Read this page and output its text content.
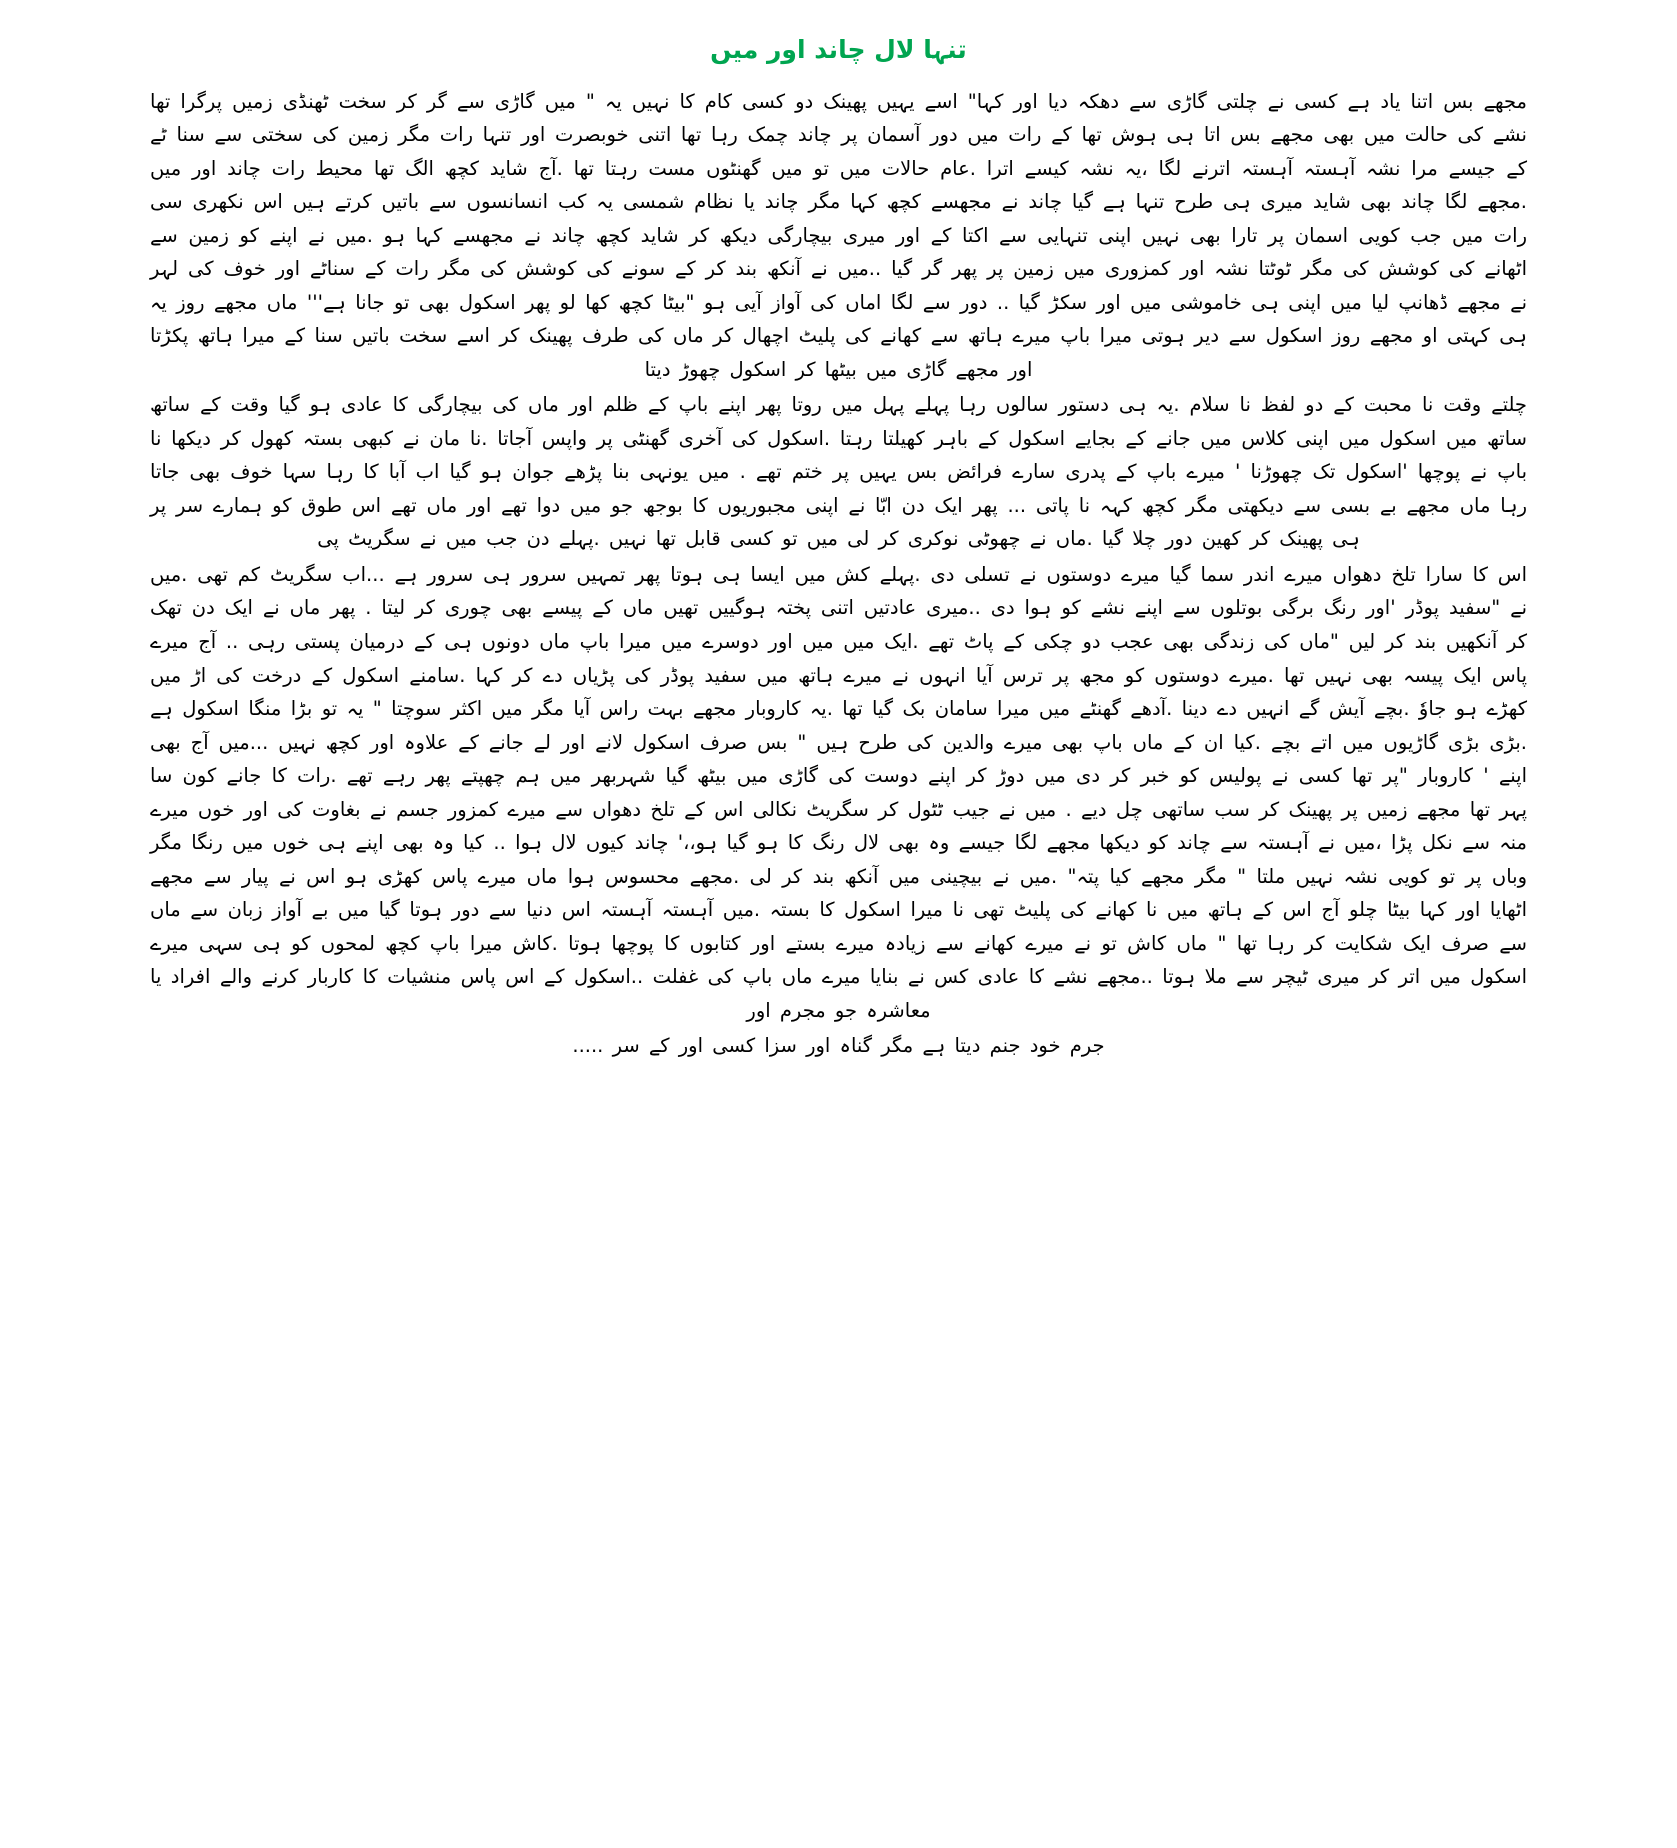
تنہا لال چاند اور میں

مجھے بس اتنا یاد ہے کسی نے چلتی گاڑی سے دھکہ دیا اور کہا" اسے یہیں پھینک دو کسی کام کا نہیں یہ " میں گاڑی سے گر کر سخت ٹھنڈی زمیں پرگرا تھا نشے کی حالت میں بھی مجھے بس اتا ہی ہوش تھا کے رات میں دور آسمان پر چاند چمک رہا تھا اتنی خوبصرت اور تنہا رات مگر زمین کی سختی سے سنا ٹے کے جیسے مرا نشہ آہستہ آہستہ اترنے لگا ،یہ نشہ کیسے اترا .عام حالات میں تو میں گھنٹوں مست رہتا تھا .آج شاید کچھ الگ تھا محیط رات چاند اور میں .مجھے لگا چاند بھی شاید میری ہی طرح تنہا ہے گیا چاند نے مجھسے کچھ کہا مگر چاند یا نظام شمسی یہ کب انسانسوں سے باتیں کرتے ہیں اس نکھری سی رات میں جب کویی اسمان پر تارا بھی نہیں اپنی تنہایی سے اکتا کے اور میری بیچارگی دیکھ کر شاید کچھ چاند نے مجھسے کہا ہو .میں نے اپنے کو زمین سے اٹھانے کی کوشش کی مگر ٹوٹتا نشہ اور کمزوری میں زمین پر پھر گر گیا ..میں نے آنکھ بند کر کے سونے کی کوشش کی مگر رات کے سناٹے اور خوف کی لہر نے مجھے ڈھانپ لیا میں اپنی ہی خاموشی میں اور سکڑ گیا .. دور سے لگا اماں کی آواز آیی ہو "بیٹا کچھ کھا لو پھر اسکول بھی تو جانا ہے''' ماں مجھے روز یہ ہی کہتی او مجھے روز اسکول سے دیر ہوتی میرا باپ میرے ہاتھ سے کھانے کی پلیٹ اچھال کر ماں کی طرف پھینک کر اسے سخت باتیں سنا کے میرا ہاتھ پکڑتا اور مجھے گاڑی میں بیٹھا کر اسکول چھوڑ دیتا

چلتے وقت نا محبت کے دو لفظ نا سلام .یہ ہی دستور سالوں رہا پہلے پہل میں روتا پھر اپنے باپ کے ظلم اور ماں کی بیچارگی کا عادی ہو گیا وقت کے ساتھ ساتھ میں اسکول میں اپنی کلاس میں جانے کے بجایے اسکول کے باہر کھیلتا رہتا .اسکول کی آخری گھنٹی پر واپس آجاتا .نا مان نے کبھی بستہ کھول کر دیکھا نا باپ نے پوچھا 'اسکول تک چھوڑنا ' میرے باپ کے پدری سارے فرائض بس یہیں پر ختم تھے . میں یونہی بنا پڑھے جوان ہو گیا اب آبا کا رہا سہا خوف بھی جاتا رہا ماں مجھے بے بسی سے دیکھتی مگر کچھ کہہ نا پاتی ... پھر ایک دن ابّا نے اپنی مجبوریوں کا بوجھ جو میں دوا تھے اور ماں تھے اس طوق کو ہمارے سر پر ہی پھینک کر کھین دور چلا گیا .ماں نے چھوٹی نوکری کر لی میں تو کسی قابل تھا نہیں .پہلے دن جب میں نے سگریٹ پی

اس کا سارا تلخ دھواں میرے اندر سما گیا میرے دوستوں نے تسلی دی .پہلے کش میں ایسا ہی ہوتا پھر تمہیں سرور ہی سرور ہے ...اب سگریٹ کم تھی .میں نے "سفید پوڈر 'اور رنگ برگی بوتلوں سے اپنے نشے کو ہوا دی ..میری عادتیں اتنی پختہ ہوگییں تھیں ماں کے پیسے بھی چوری کر لیتا . پھر ماں نے ایک دن تھک کر آنکھیں بند کر لیں "ماں کی زندگی بھی عجب دو چکی کے پاٹ تھے .ایک میں میں اور دوسرے میں میرا باپ ماں دونوں ہی کے درمیان پستی رہی .. آج میرے پاس ایک پیسہ بھی نہیں تھا .میرے دوستوں کو مجھ پر ترس آیا انہوں نے میرے ہاتھ میں سفید پوڈر کی پڑیاں دے کر کہا .سامنے اسکول کے درخت کی اڑ میں کھڑے ہو جاوٗ .بچے آیش گے انہیں دے دینا .آدھے گھنٹے میں میرا سامان بک گیا تھا .یہ کاروبار مجھے بہت راس آیا مگر میں اکثر سوچتا " یہ تو بڑا منگا اسکول ہے .بڑی بڑی گاڑیوں میں اتے بچے .کیا ان کے ماں باپ بھی میرے والدین کی طرح ہیں " بس صرف اسکول لانے اور لے جانے کے علاوہ اور کچھ نہیں ...میں آج بھی اپنے ' کاروبار "پر تھا کسی نے پولیس کو خبر کر دی میں دوڑ کر اپنے دوست کی گاڑی میں بیٹھ گیا شہربھر میں ہم چھپتے پھر رہے تھے .رات کا جانے کون سا پہر تھا مجھے زمیں پر پھینک کر سب ساتھی چل دیے . میں نے جیب ٹٹول کر سگریٹ نکالی اس کے تلخ دھواں سے میرے کمزور جسم نے بغاوت کی اور خوں میرے منہ سے نکل پڑا ،میں نے آہستہ سے چاند کو دیکھا مجھے لگا جیسے وہ بھی لال رنگ کا ہو گیا ہو،،' چاند کیوں لال ہوا .. کیا وہ بھی اپنے ہی خوں میں رنگا مگر وباں پر تو کویی نشہ نہیں ملتا " مگر مجھے کیا پتہ" .میں نے بیچینی میں آنکھ بند کر لی .مجھے محسوس ہوا ماں میرے پاس کھڑی ہو اس نے پیار سے مجھے اٹھایا اور کہا بیٹا چلو آج اس کے ہاتھ میں نا کھانے کی پلیٹ تھی نا میرا اسکول کا بستہ .میں آہستہ آہستہ اس دنیا سے دور ہوتا گیا میں بے آواز زبان سے ماں سے صرف ایک شکایت کر رہا تھا " ماں کاش تو نے میرے کھانے سے زیادہ میرے بستے اور کتابوں کا پوچھا ہوتا .کاش میرا باپ کچھ لمحوں کو ہی سہی میرے اسکول میں اتر کر میری ٹیچر سے ملا ہوتا ..مجھے نشے کا عادی کس نے بنایا میرے ماں باپ کی غفلت ..اسکول کے اس پاس منشیات کا کاربار کرنے والے افراد یا معاشرہ جو مجرم اور

جرم خود جنم دیتا ہے مگر گناہ اور سزا کسی اور کے سر .....
